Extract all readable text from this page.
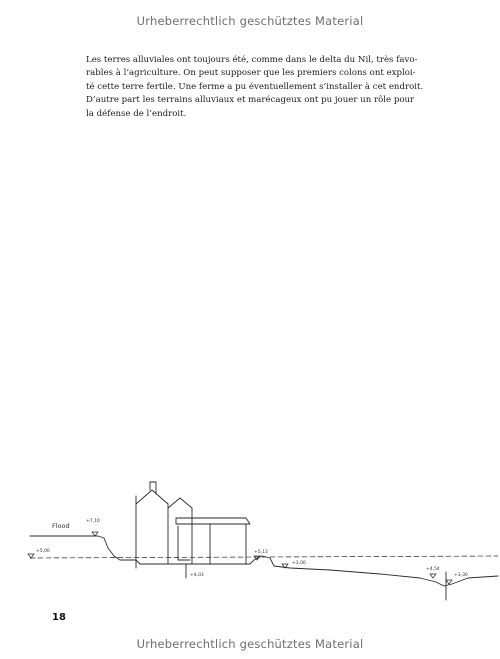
Urheberrechtlich geschütztes Material
Les terres alluviales ont toujours été, comme dans le delta du Nil, très favo-
rables à l’agriculture. On peut supposer que les premiers colons ont exploi-
té cette terre fertile. Une ferme a pu éventuellement s’installer à cet endroit.
D’autre part les terrains alluviaux et marécageux ont pu jouer un rôle pour
la défense de l’endroit.
Flood
+7,10
+5,00	+5,13
+4,03
+3,00
+4,54
+3,30
18
Urheberrechtlich geschütztes Material
